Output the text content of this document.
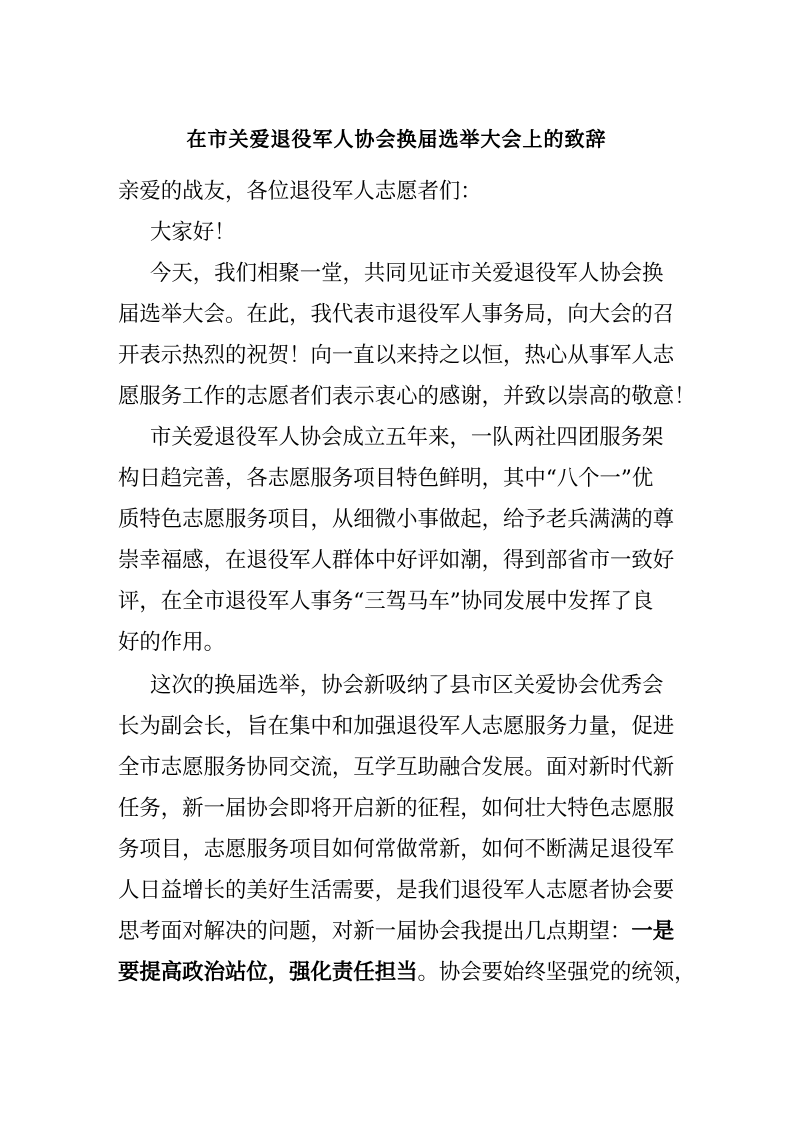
在市关爱退役军人协会换届选举大会上的致辞
亲爱的战友，各位退役军人志愿者们：
大家好！
今天，我们相聚一堂，共同见证市关爱退役军人协会换
届选举大会。在此，我代表市退役军人事务局，向大会的召
开表示热烈的祝贺！向一直以来持之以恒，热心从事军人志
愿服务工作的志愿者们表示衷心的感谢，并致以崇高的敬意！
市关爱退役军人协会成立五年来，一队两社四团服务架
构日趋完善，各志愿服务项目特色鲜明，其中“八个一”优
质特色志愿服务项目，从细微小事做起，给予老兵满满的尊
崇幸福感，在退役军人群体中好评如潮，得到部省市一致好
评，在全市退役军人事务“三驾马车”协同发展中发挥了良
好的作用。
这次的换届选举，协会新吸纳了县市区关爱协会优秀会
长为副会长，旨在集中和加强退役军人志愿服务力量，促进
全市志愿服务协同交流，互学互助融合发展。面对新时代新
任务，新一届协会即将开启新的征程，如何壮大特色志愿服
务项目，志愿服务项目如何常做常新，如何不断满足退役军
人日益增长的美好生活需要，是我们退役军人志愿者协会要
思考面对解决的问题，对新一届协会我提出几点期望：一是
要提高政治站位，强化责任担当。协会要始终坚强党的统领，
